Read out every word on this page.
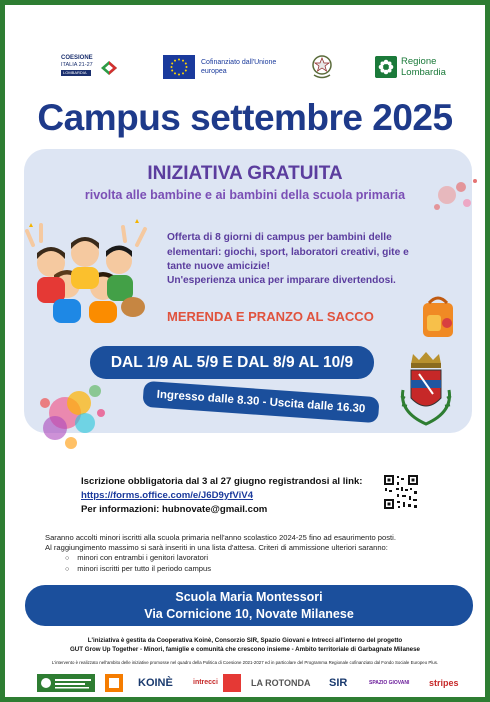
COESIONE
ITALIA 21-27
LOMBARDIA
Cofinanziato dall'Unione europea
Regione
Lombardia
Campus settembre 2025
INIZIATIVA GRATUITA
rivolta alle bambine e ai bambini della scuola primaria
Offerta di 8 giorni di campus per bambini delle elementari: giochi, sport, laboratori creativi, gite e tante nuove amicizie!
Un'esperienza unica per imparare divertendosi.
MERENDA E PRANZO AL SACCO
DAL 1/9 AL 5/9 E DAL 8/9 AL 10/9
Ingresso dalle 8.30 - Uscita dalle 16.30
Iscrizione obbligatoria dal 3 al 27 giugno registrandosi al link:
https://forms.office.com/e/J6D9yfViV4
Per informazioni: hubnovate@gmail.com
Saranno accolti minori iscritti alla scuola primaria nell'anno scolastico 2024-25 fino ad esaurimento posti.
Al raggiungimento massimo si sarà inseriti in una lista d'attesa. Criteri di ammissione ulteriori saranno:
○ minori con entrambi i genitori lavoratori
○ minori iscritti per tutto il periodo campus
Scuola Maria Montessori
Via Cornicione 10, Novate Milanese
L'iniziativa è gestita da Cooperativa Koinè, Consorzio SIR, Spazio Giovani e Intrecci all'interno del progetto
GUT Grow Up Together - Minori, famiglie e comunità che crescono insieme - Ambito territoriale di Garbagnate Milanese
L'intervento è realizzato nell'ambito delle iniziative promosse nel quadro della Politica di Coesione 2021-2027 ed in particolare del Programma Regionale cofinanziato dal Fondo Sociale Europeo Plus.
KOINÈ	intrecci	LA ROTONDA SIR	SPAZIO GIOVANI stripes
